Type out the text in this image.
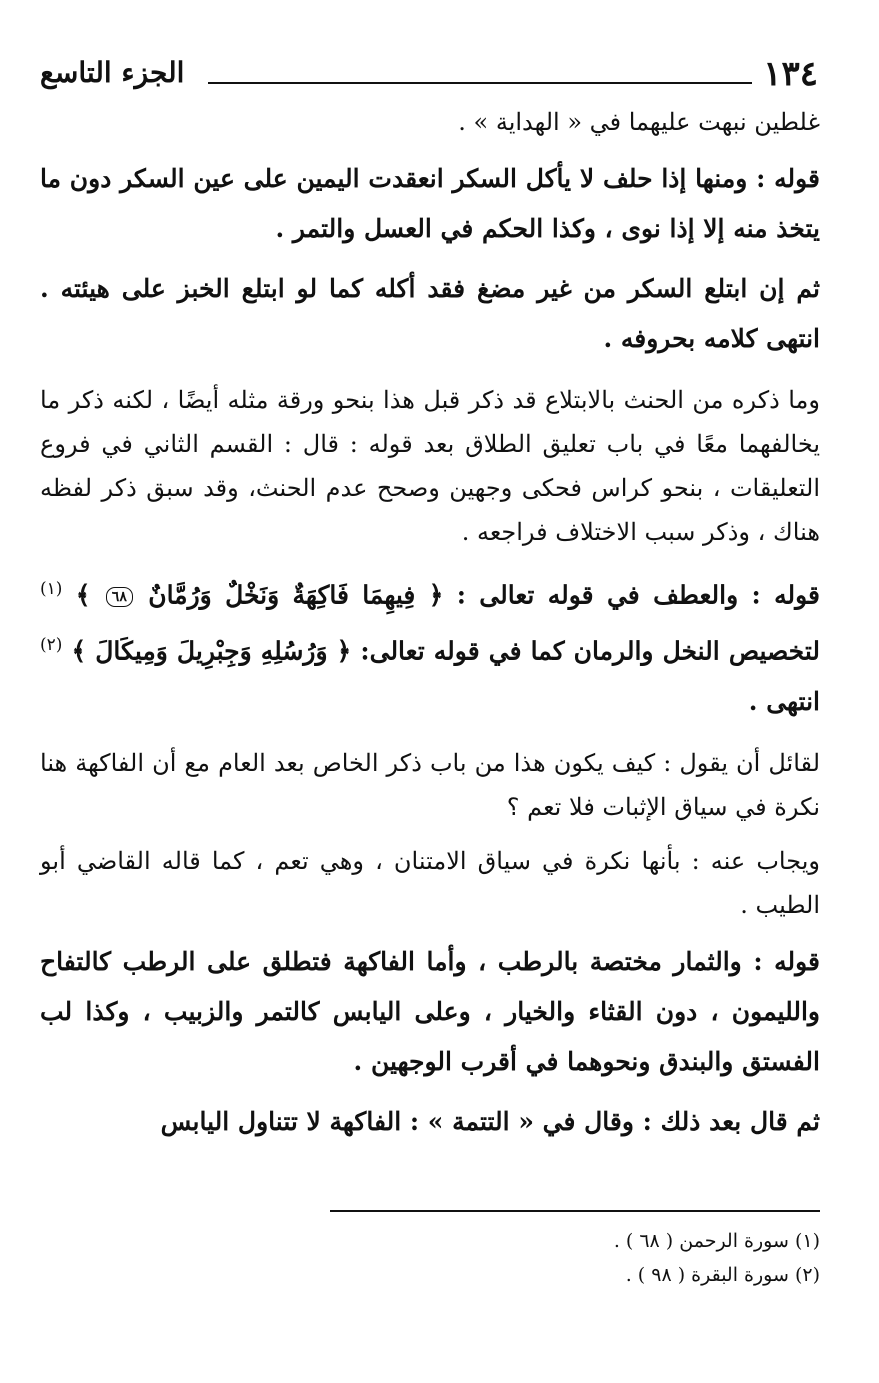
١٣٤
الجزء التاسع

غلطين نبهت عليهما في « الهداية » .

قوله : ومنها إذا حلف لا يأكل السكر انعقدت اليمين على عين السكر دون ما يتخذ منه إلا إذا نوى ، وكذا الحكم في العسل والتمر .

ثم إن ابتلع السكر من غير مضغ فقد أكله كما لو ابتلع الخبز على هيئته . انتهى كلامه بحروفه .

وما ذكره من الحنث بالابتلاع قد ذكر قبل هذا بنحو ورقة مثله أيضًا ، لكنه ذكر ما يخالفهما معًا في باب تعليق الطلاق بعد قوله : قال : القسم الثاني في فروع التعليقات ، بنحو كراس فحكى وجهين وصحح عدم الحنث، وقد سبق ذكر لفظه هناك ، وذكر سبب الاختلاف فراجعه .

قوله : والعطف في قوله تعالى : ﴿ فِيهِمَا فَاكِهَةٌ وَنَخْلٌ وَرُمَّانٌ ٦٨ ﴾ $^{(١)}$ لتخصيص النخل والرمان كما في قوله تعالى: ﴿ وَرُسُلِهِ وَجِبْرِيلَ وَمِيكَالَ ﴾ $^{(٢)}$ انتهى .

لقائل أن يقول : كيف يكون هذا من باب ذكر الخاص بعد العام مع أن الفاكهة هنا نكرة في سياق الإثبات فلا تعم ؟

ويجاب عنه : بأنها نكرة في سياق الامتنان ، وهي تعم ، كما قاله القاضي أبو الطيب .

قوله : والثمار مختصة بالرطب ، وأما الفاكهة فتطلق على الرطب كالتفاح والليمون ، دون القثاء والخيار ، وعلى اليابس كالتمر والزبيب ، وكذا لب الفستق والبندق ونحوهما في أقرب الوجهين .

ثم قال بعد ذلك : وقال في « التتمة » : الفاكهة لا تتناول اليابس

(١) سورة الرحمن ( ٦٨ ) .
(٢) سورة البقرة ( ٩٨ ) .
